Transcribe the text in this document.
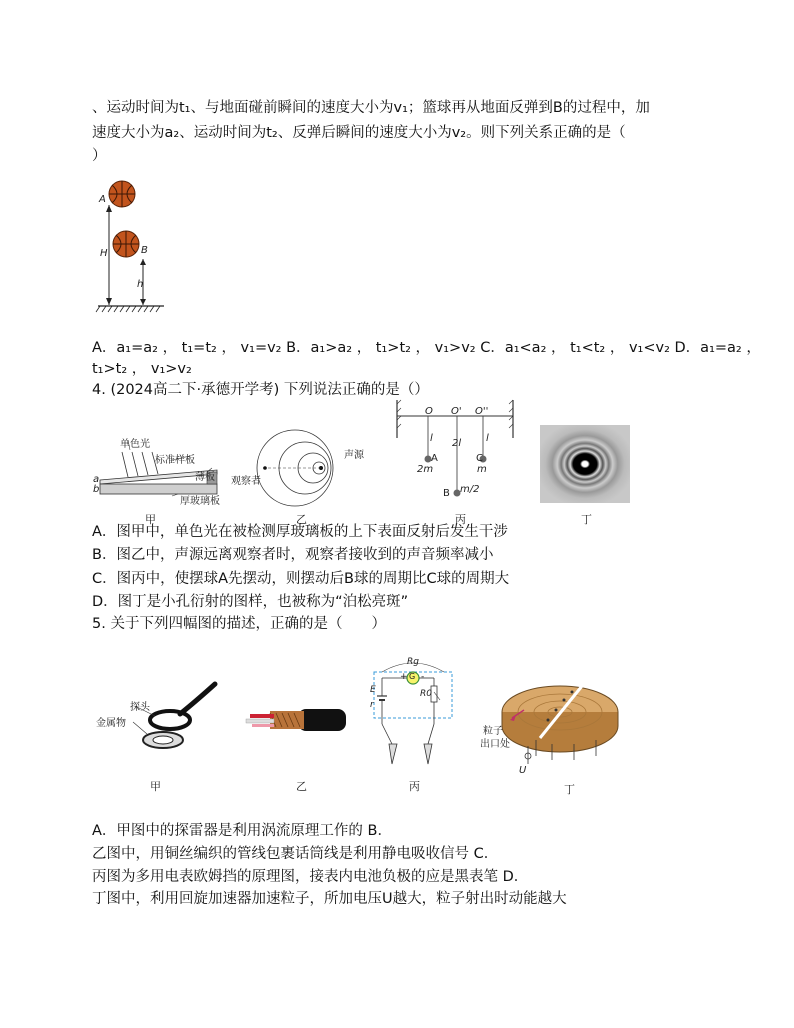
、运动时间为t₁、与地面碰前瞬间的速度大小为v₁；篮球再从地面反弹到B的过程中，加
速度大小为a₂、运动时间为t₂、反弹后瞬间的速度大小为v₂。则下列关系正确的是（
）
A
B
H
h
A．a₁=a₂ ， t₁=t₂ ， v₁=v₂ B．a₁>a₂ ， t₁>t₂ ， v₁>v₂ C．a₁<a₂ ， t₁<t₂ ， v₁<v₂ D．a₁=a₂ ，
t₁>t₂ ， v₁>v₂
4. (2024高二下·承德开学考) 下列说法正确的是（）
单色光
标准样板
薄板
厚玻璃板
a
b
甲
声源
观察者
乙
O O' O''
l 2l l
A
2m
C
m
B m/2
丙	丁
A．图甲中，单色光在被检测厚玻璃板的上下表面反射后发生干涉
B．图乙中，声源远离观察者时，观察者接收到的声音频率减小
C．图丙中，使摆球A先摆动，则摆动后B球的周期比C球的周期大
D．图丁是小孔衍射的图样，也被称为“泊松亮斑”
5. 关于下列四幅图的描述，正确的是（　　）
探头
金属物
甲	乙
Rg
G
E
r
R0
+ -
丙
粒子
出口处
U
丁
A．甲图中的探雷器是利用涡流原理工作的 B．
乙图中，用铜丝编织的管线包裹话筒线是利用静电吸收信号 C．
丙图为多用电表欧姆挡的原理图，接表内电池负极的应是黑表笔 D．
丁图中，利用回旋加速器加速粒子，所加电压U越大，粒子射出时动能越大
